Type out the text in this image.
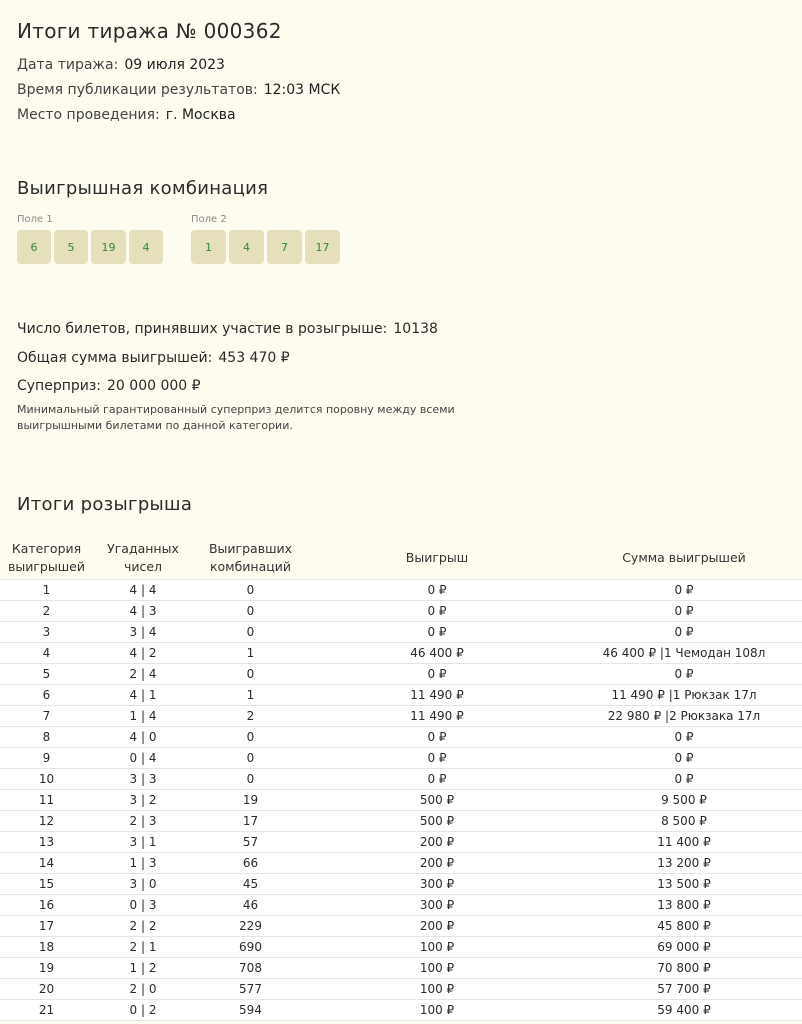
Итоги тиража № 000362
Дата тиража: 09 июля 2023
Время публикации результатов: 12:03 МСК
Место проведения: г. Москва
Выигрышная комбинация
Поле 1
6	5	19	4
Поле 2
1	4	7	17
Число билетов, принявших участие в розыгрыше: 10138
Общая сумма выигрышей: 453 470 ₽
Суперприз: 20 000 000 ₽
Минимальный гарантированный суперприз делится поровну между всеми выигрышными билетами по данной категории.
Итоги розыгрыша
Категория выигрышей	Угаданных чисел	Выигравших комбинаций	Выигрыш	Сумма выигрышей
1	4 | 4	0	0 ₽	0 ₽
2	4 | 3	0	0 ₽	0 ₽
3	3 | 4	0	0 ₽	0 ₽
4	4 | 2	1	46 400 ₽	46 400 ₽ |1 Чемодан 108л
5	2 | 4	0	0 ₽	0 ₽
6	4 | 1	1	11 490 ₽	11 490 ₽ |1 Рюкзак 17л
7	1 | 4	2	11 490 ₽	22 980 ₽ |2 Рюкзака 17л
8	4 | 0	0	0 ₽	0 ₽
9	0 | 4	0	0 ₽	0 ₽
10	3 | 3	0	0 ₽	0 ₽
11	3 | 2	19	500 ₽	9 500 ₽
12	2 | 3	17	500 ₽	8 500 ₽
13	3 | 1	57	200 ₽	11 400 ₽
14	1 | 3	66	200 ₽	13 200 ₽
15	3 | 0	45	300 ₽	13 500 ₽
16	0 | 3	46	300 ₽	13 800 ₽
17	2 | 2	229	200 ₽	45 800 ₽
18	2 | 1	690	100 ₽	69 000 ₽
19	1 | 2	708	100 ₽	70 800 ₽
20	2 | 0	577	100 ₽	57 700 ₽
21	0 | 2	594	100 ₽	59 400 ₽
